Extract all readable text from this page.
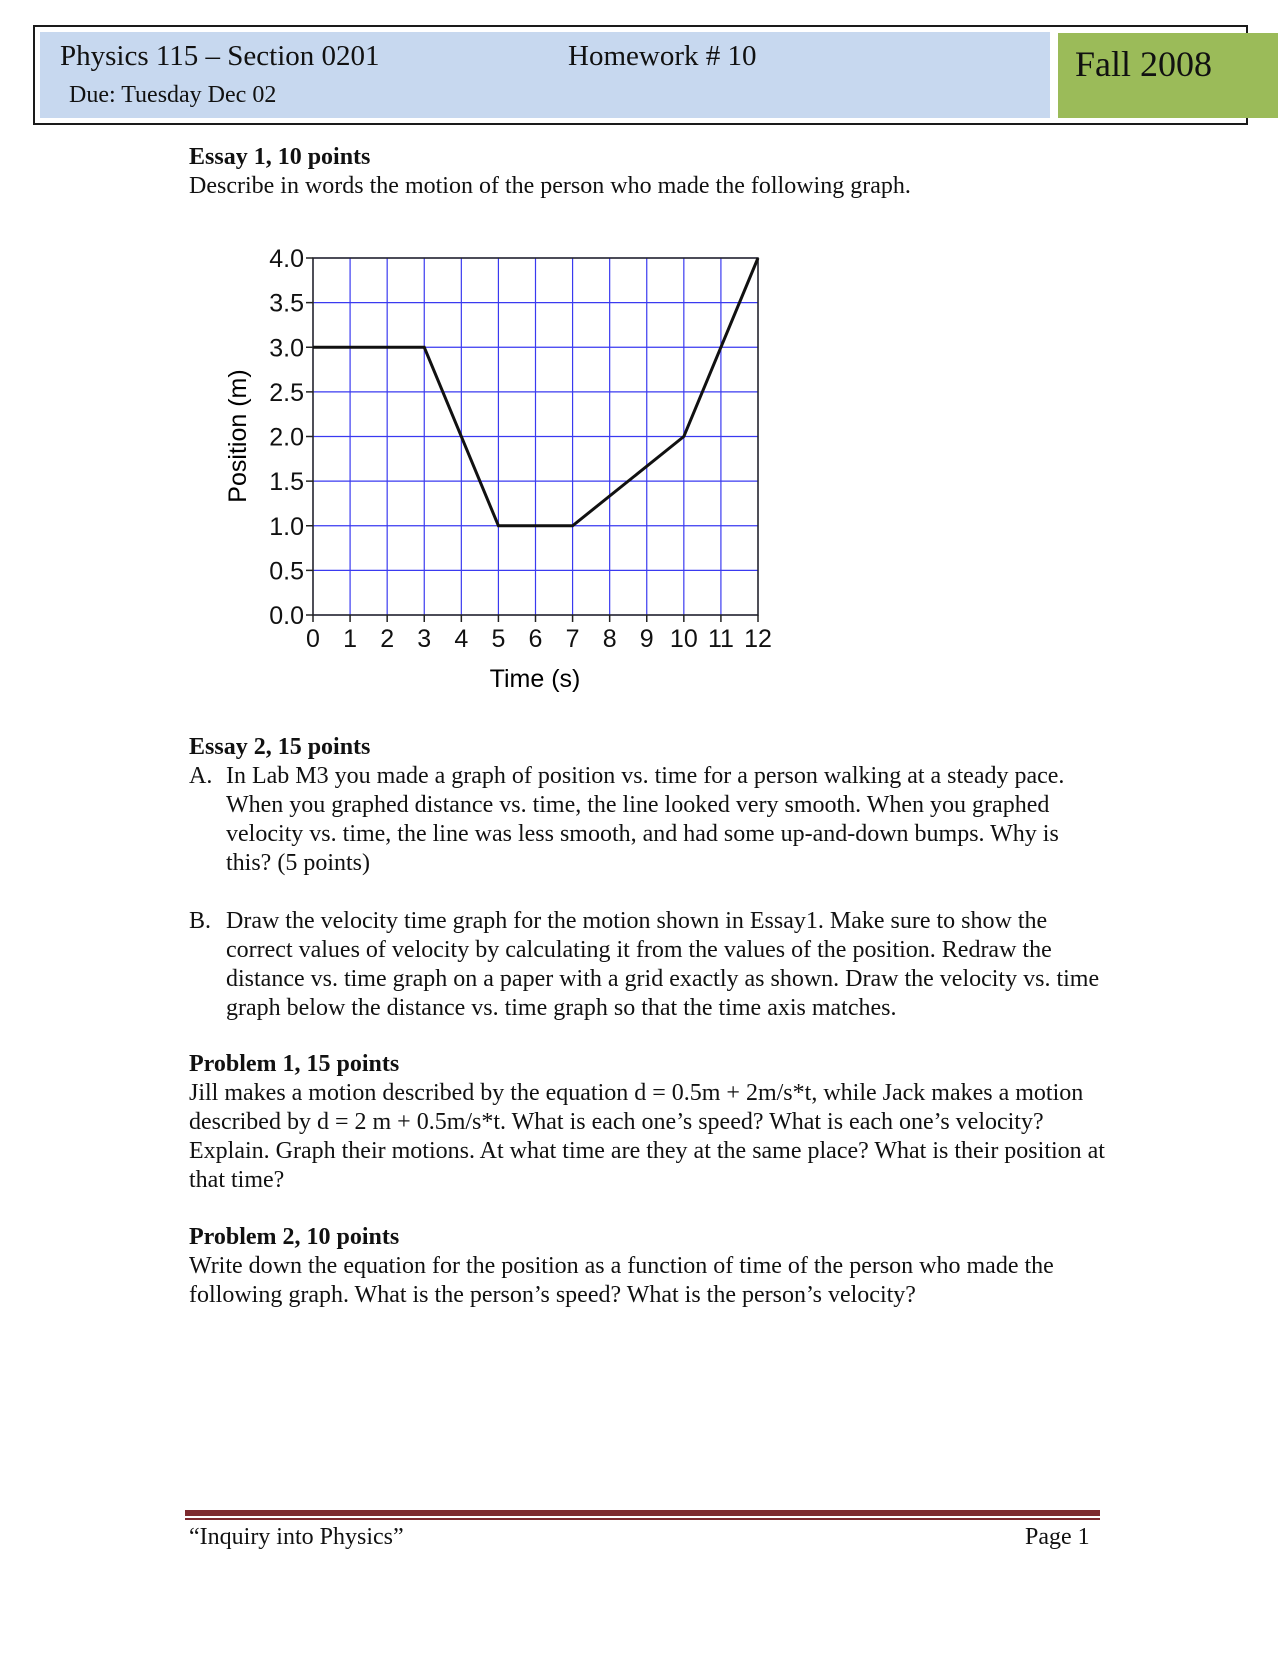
Physics 115 – Section 0201
Due: Tuesday Dec 02
Homework # 10	Fall 2008
Essay 1, 10 points
Describe in words the motion of the person who made the following graph.
0 1 2 3 4 5 6 7 8 9 10 11 12
0.0
0.5
1.0
1.5
2.0
2.5
3.0
3.5
4.0
Time (s)
Position (m)
Essay 2, 15 points
A. In Lab M3 you made a graph of position vs. time for a person walking at a steady pace. When you graphed distance vs. time, the line looked very smooth. When you graphed velocity vs. time, the line was less smooth, and had some up-and-down bumps. Why is this? (5 points)
B. Draw the velocity time graph for the motion shown in Essay1. Make sure to show the correct values of velocity by calculating it from the values of the position. Redraw the distance vs. time graph on a paper with a grid exactly as shown. Draw the velocity vs. time graph below the distance vs. time graph so that the time axis matches.
Problem 1, 15 points
Jill makes a motion described by the equation d = 0.5m + 2m/s*t, while Jack makes a motion described by d = 2 m + 0.5m/s*t. What is each one’s speed? What is each one’s velocity? Explain. Graph their motions. At what time are they at the same place? What is their position at that time?
Problem 2, 10 points
Write down the equation for the position as a function of time of the person who made the following graph. What is the person’s speed? What is the person’s velocity?
“Inquiry into Physics”	Page 1
